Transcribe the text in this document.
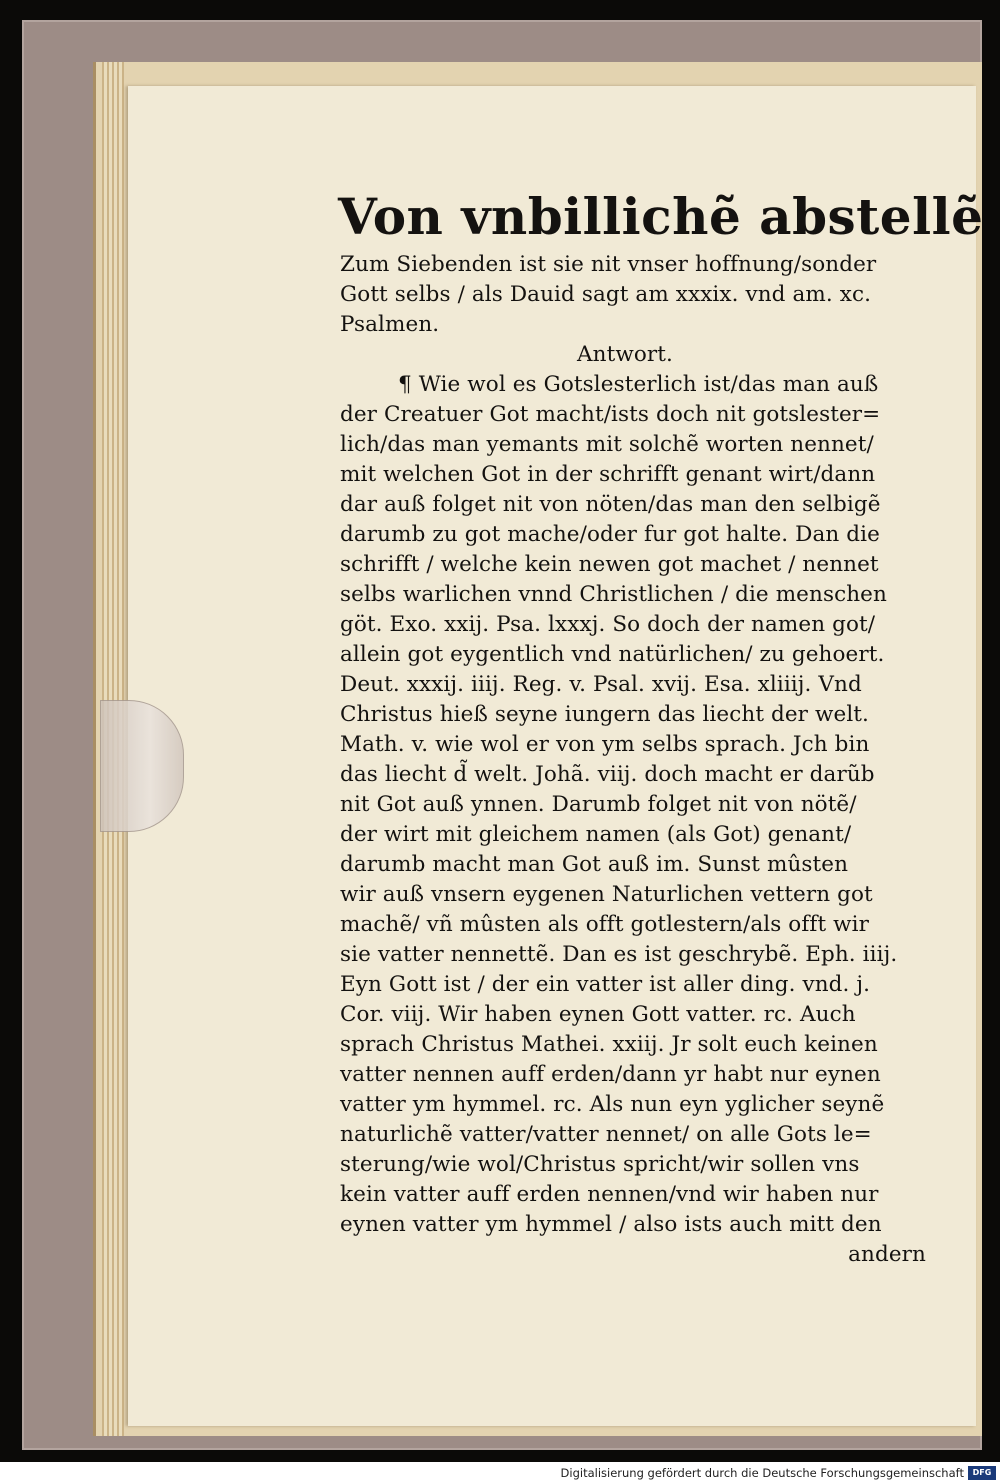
Von vnbillichẽ abstellẽ
Zum Siebenden ist sie nit vnser hoffnung/sonder
Gott selbs / als Dauid sagt am xxxix. vnd am. xc.
Psalmen.
Antwort.
¶ Wie wol es Gotslesterlich ist/das man auß
der Creatuer Got macht/ists doch nit gotslester=
lich/das man yemants mit solchẽ worten nennet/
mit welchen Got in der schrifft genant wirt/dann
dar auß folget nit von nöten/das man den selbigẽ
darumb zu got mache/oder fur got halte. Dan die
schrifft / welche kein newen got machet / nennet
selbs warlichen vnnd Christlichen / die menschen
göt. Exo. xxij. Psa. lxxxj. So doch der namen got/
allein got eygentlich vnd natürlichen/ zu gehoert.
Deut. xxxij. iiij. Reg. v. Psal. xvij. Esa. xliiij. Vnd
Christus hieß seyne iungern das liecht der welt.
Math. v. wie wol er von ym selbs sprach. Jch bin
das liecht d̃ welt. Johã. viij. doch macht er darũb
nit Got auß ynnen. Darumb folget nit von nötẽ/
der wirt mit gleichem namen (als Got) genant/
darumb macht man Got auß im. Sunst mûsten
wir auß vnsern eygenen Naturlichen vettern got
machẽ/ vñ mûsten als offt gotlestern/als offt wir
sie vatter nennettẽ. Dan es ist geschrybẽ. Eph. iiij.
Eyn Gott ist / der ein vatter ist aller ding. vnd. j.
Cor. viij. Wir haben eynen Gott vatter. rc. Auch
sprach Christus Mathei. xxiij. Jr solt euch keinen
vatter nennen auff erden/dann yr habt nur eynen
vatter ym hymmel. rc. Als nun eyn yglicher seynẽ
naturlichẽ vatter/vatter nennet/ on alle Gots le=
sterung/wie wol/Christus spricht/wir sollen vns
kein vatter auff erden nennen/vnd wir haben nur
eynen vatter ym hymmel / also ists auch mitt den
andern
Digitalisierung gefördert durch die Deutsche Forschungsgemeinschaft	DFG
